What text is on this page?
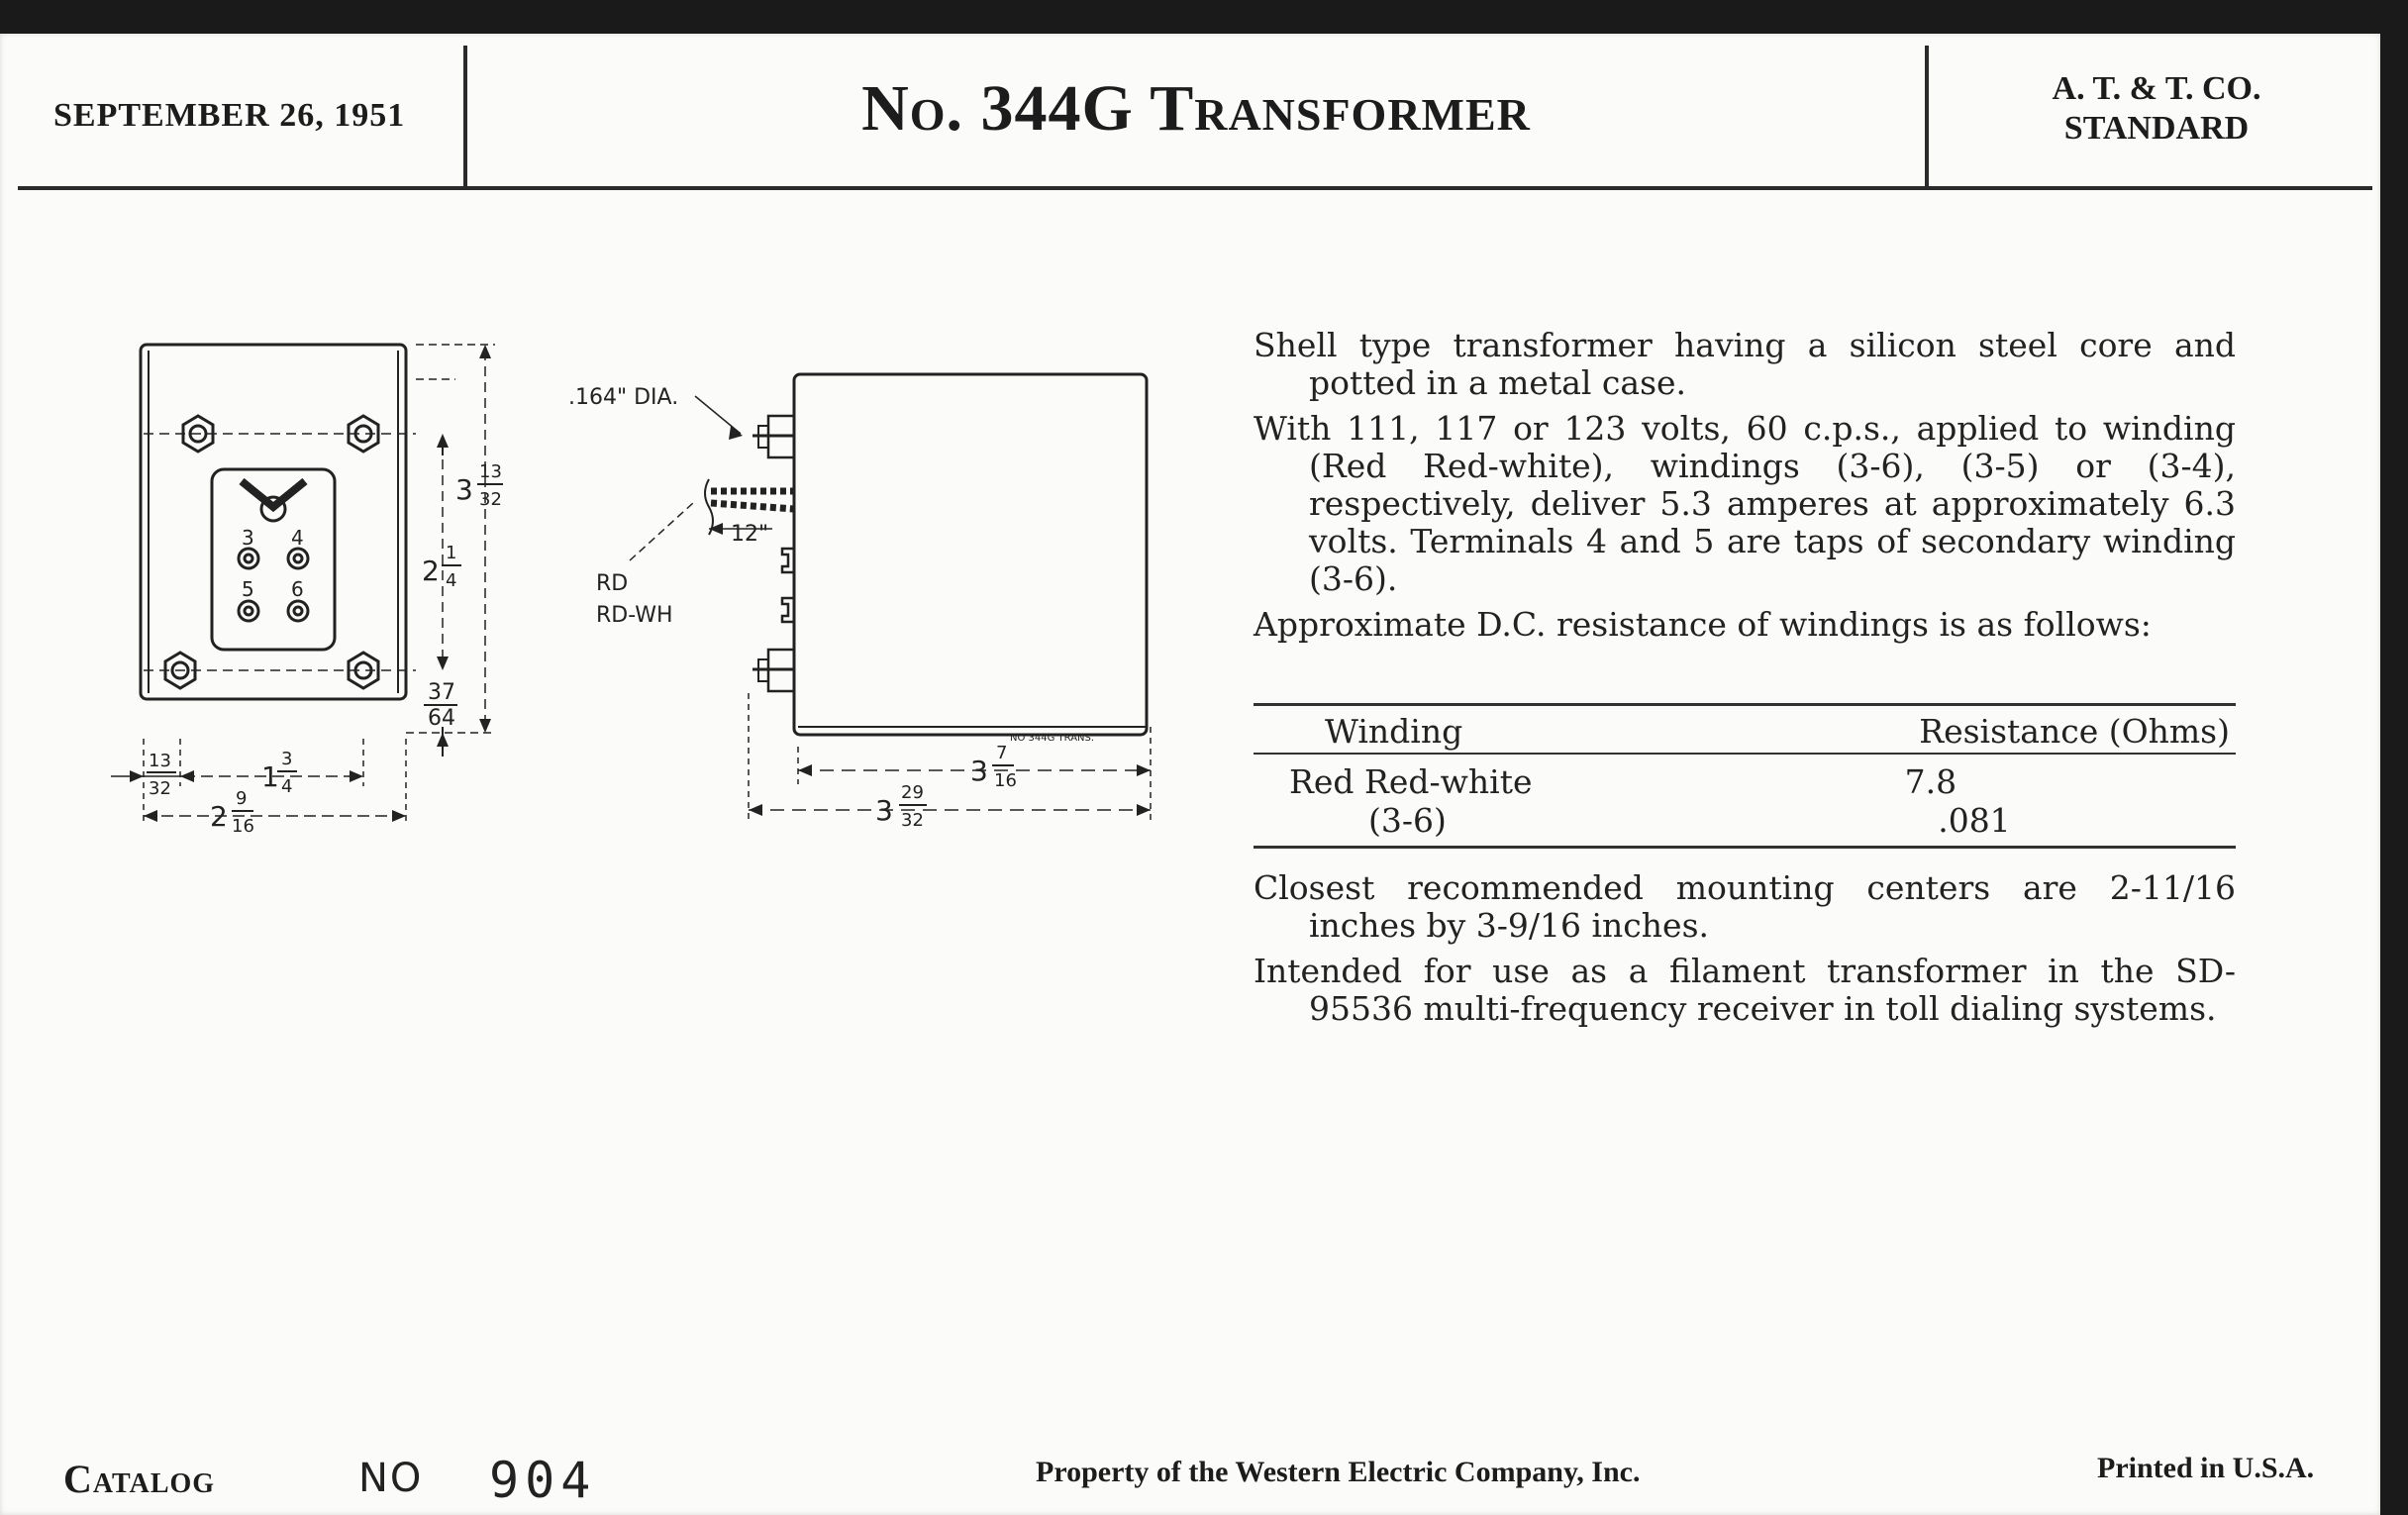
SEPTEMBER 26, 1951	No. 344G Transformer	A. T. & T. CO.
STANDARD
3 4
5 6
3
13
32
2
1
4
37
64
13
32	1
3
4
2
9
16
.164" DIA.
12"
RD
RD-WH
NO 344G TRANS.
3
7
16
3
29
32

Shell type transformer having a silicon steel core and potted in a metal case.

With 111, 117 or 123 volts, 60 c.p.s., applied to winding (Red Red-white), windings (3-6), (3-5) or (3-4), respectively, deliver 5.3 amperes at approximately 6.3 volts. Terminals 4 and 5 are taps of secondary winding (3-6).

Approximate D.C. resistance of windings is as follows:

Winding	Resistance (Ohms)
Red Red-white	7.8
(3-6)	.081

Closest recommended mounting centers are 2-11/16 inches by 3-9/16 inches.

Intended for use as a filament transformer in the SD-95536 multi-frequency receiver in toll dialing systems.

Catalog	NO 904	Property of the Western Electric Company, Inc.	Printed in U.S.A.
